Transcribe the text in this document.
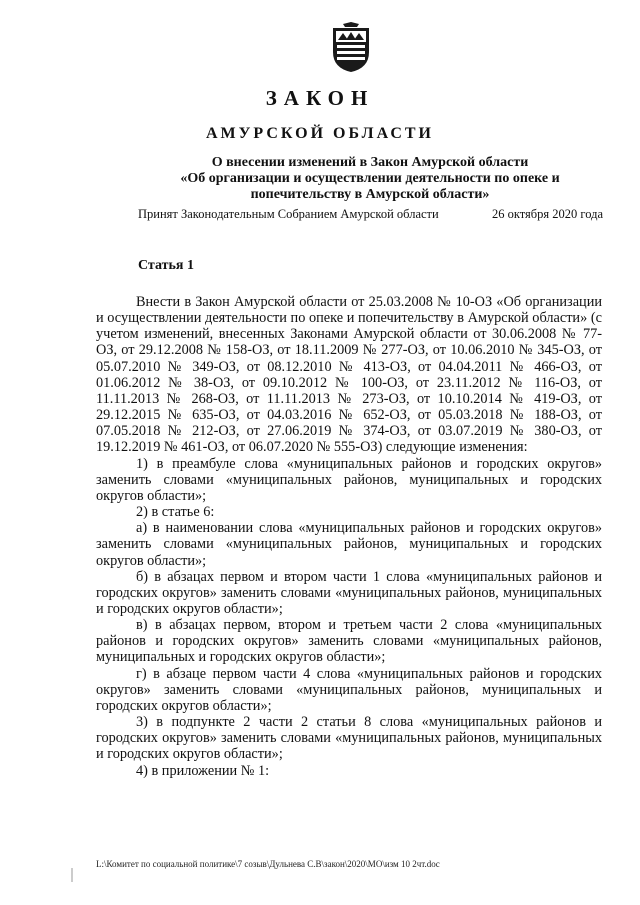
ЗАКОН
АМУРСКОЙ ОБЛАСТИ
О внесении изменений в Закон Амурской области
«Об организации и осуществлении деятельности по опеке и
попечительству в Амурской области»
Принят Законодательным Собранием Амурской области	26 октября 2020 года
Статья 1

Внести в Закон Амурской области от 25.03.2008 № 10-ОЗ «Об организации и осуществлении деятельности по опеке и попечительству в Амурской области» (с учетом изменений, внесенных Законами Амурской области от 30.06.2008 № 77-ОЗ, от 29.12.2008 № 158-ОЗ, от 18.11.2009 № 277-ОЗ, от 10.06.2010 № 345-ОЗ, от 05.07.2010 № 349-ОЗ, от 08.12.2010 № 413-ОЗ, от 04.04.2011 № 466-ОЗ, от 01.06.2012 № 38-ОЗ, от 09.10.2012 № 100-ОЗ, от 23.11.2012 № 116-ОЗ, от 11.11.2013 № 268-ОЗ, от 11.11.2013 № 273-ОЗ, от 10.10.2014 № 419-ОЗ, от 29.12.2015 № 635-ОЗ, от 04.03.2016 № 652-ОЗ, от 05.03.2018 № 188-ОЗ, от 07.05.2018 № 212-ОЗ, от 27.06.2019 № 374-ОЗ, от 03.07.2019 № 380-ОЗ, от 19.12.2019 № 461-ОЗ, от 06.07.2020 № 555-ОЗ) следующие изменения:

1) в преамбуле слова «муниципальных районов и городских округов» заменить словами «муниципальных районов, муниципальных и городских округов области»;

2) в статье 6:

а) в наименовании слова «муниципальных районов и городских округов» заменить словами «муниципальных районов, муниципальных и городских округов области»;

б) в абзацах первом и втором части 1 слова «муниципальных районов и городских округов» заменить словами «муниципальных районов, муниципальных и городских округов области»;

в) в абзацах первом, втором и третьем части 2 слова «муниципальных районов и городских округов» заменить словами «муниципальных районов, муниципальных и городских округов области»;

г) в абзаце первом части 4 слова «муниципальных районов и городских округов» заменить словами «муниципальных районов, муниципальных и городских округов области»;

3) в подпункте 2 части 2 статьи 8 слова «муниципальных районов и городских округов» заменить словами «муниципальных районов, муниципальных и городских округов области»;

4) в приложении № 1:

L:\Комитет по социальной политике\7 созыв\Дульнева С.В\закон\2020\МО\изм 10 2чт.doc
